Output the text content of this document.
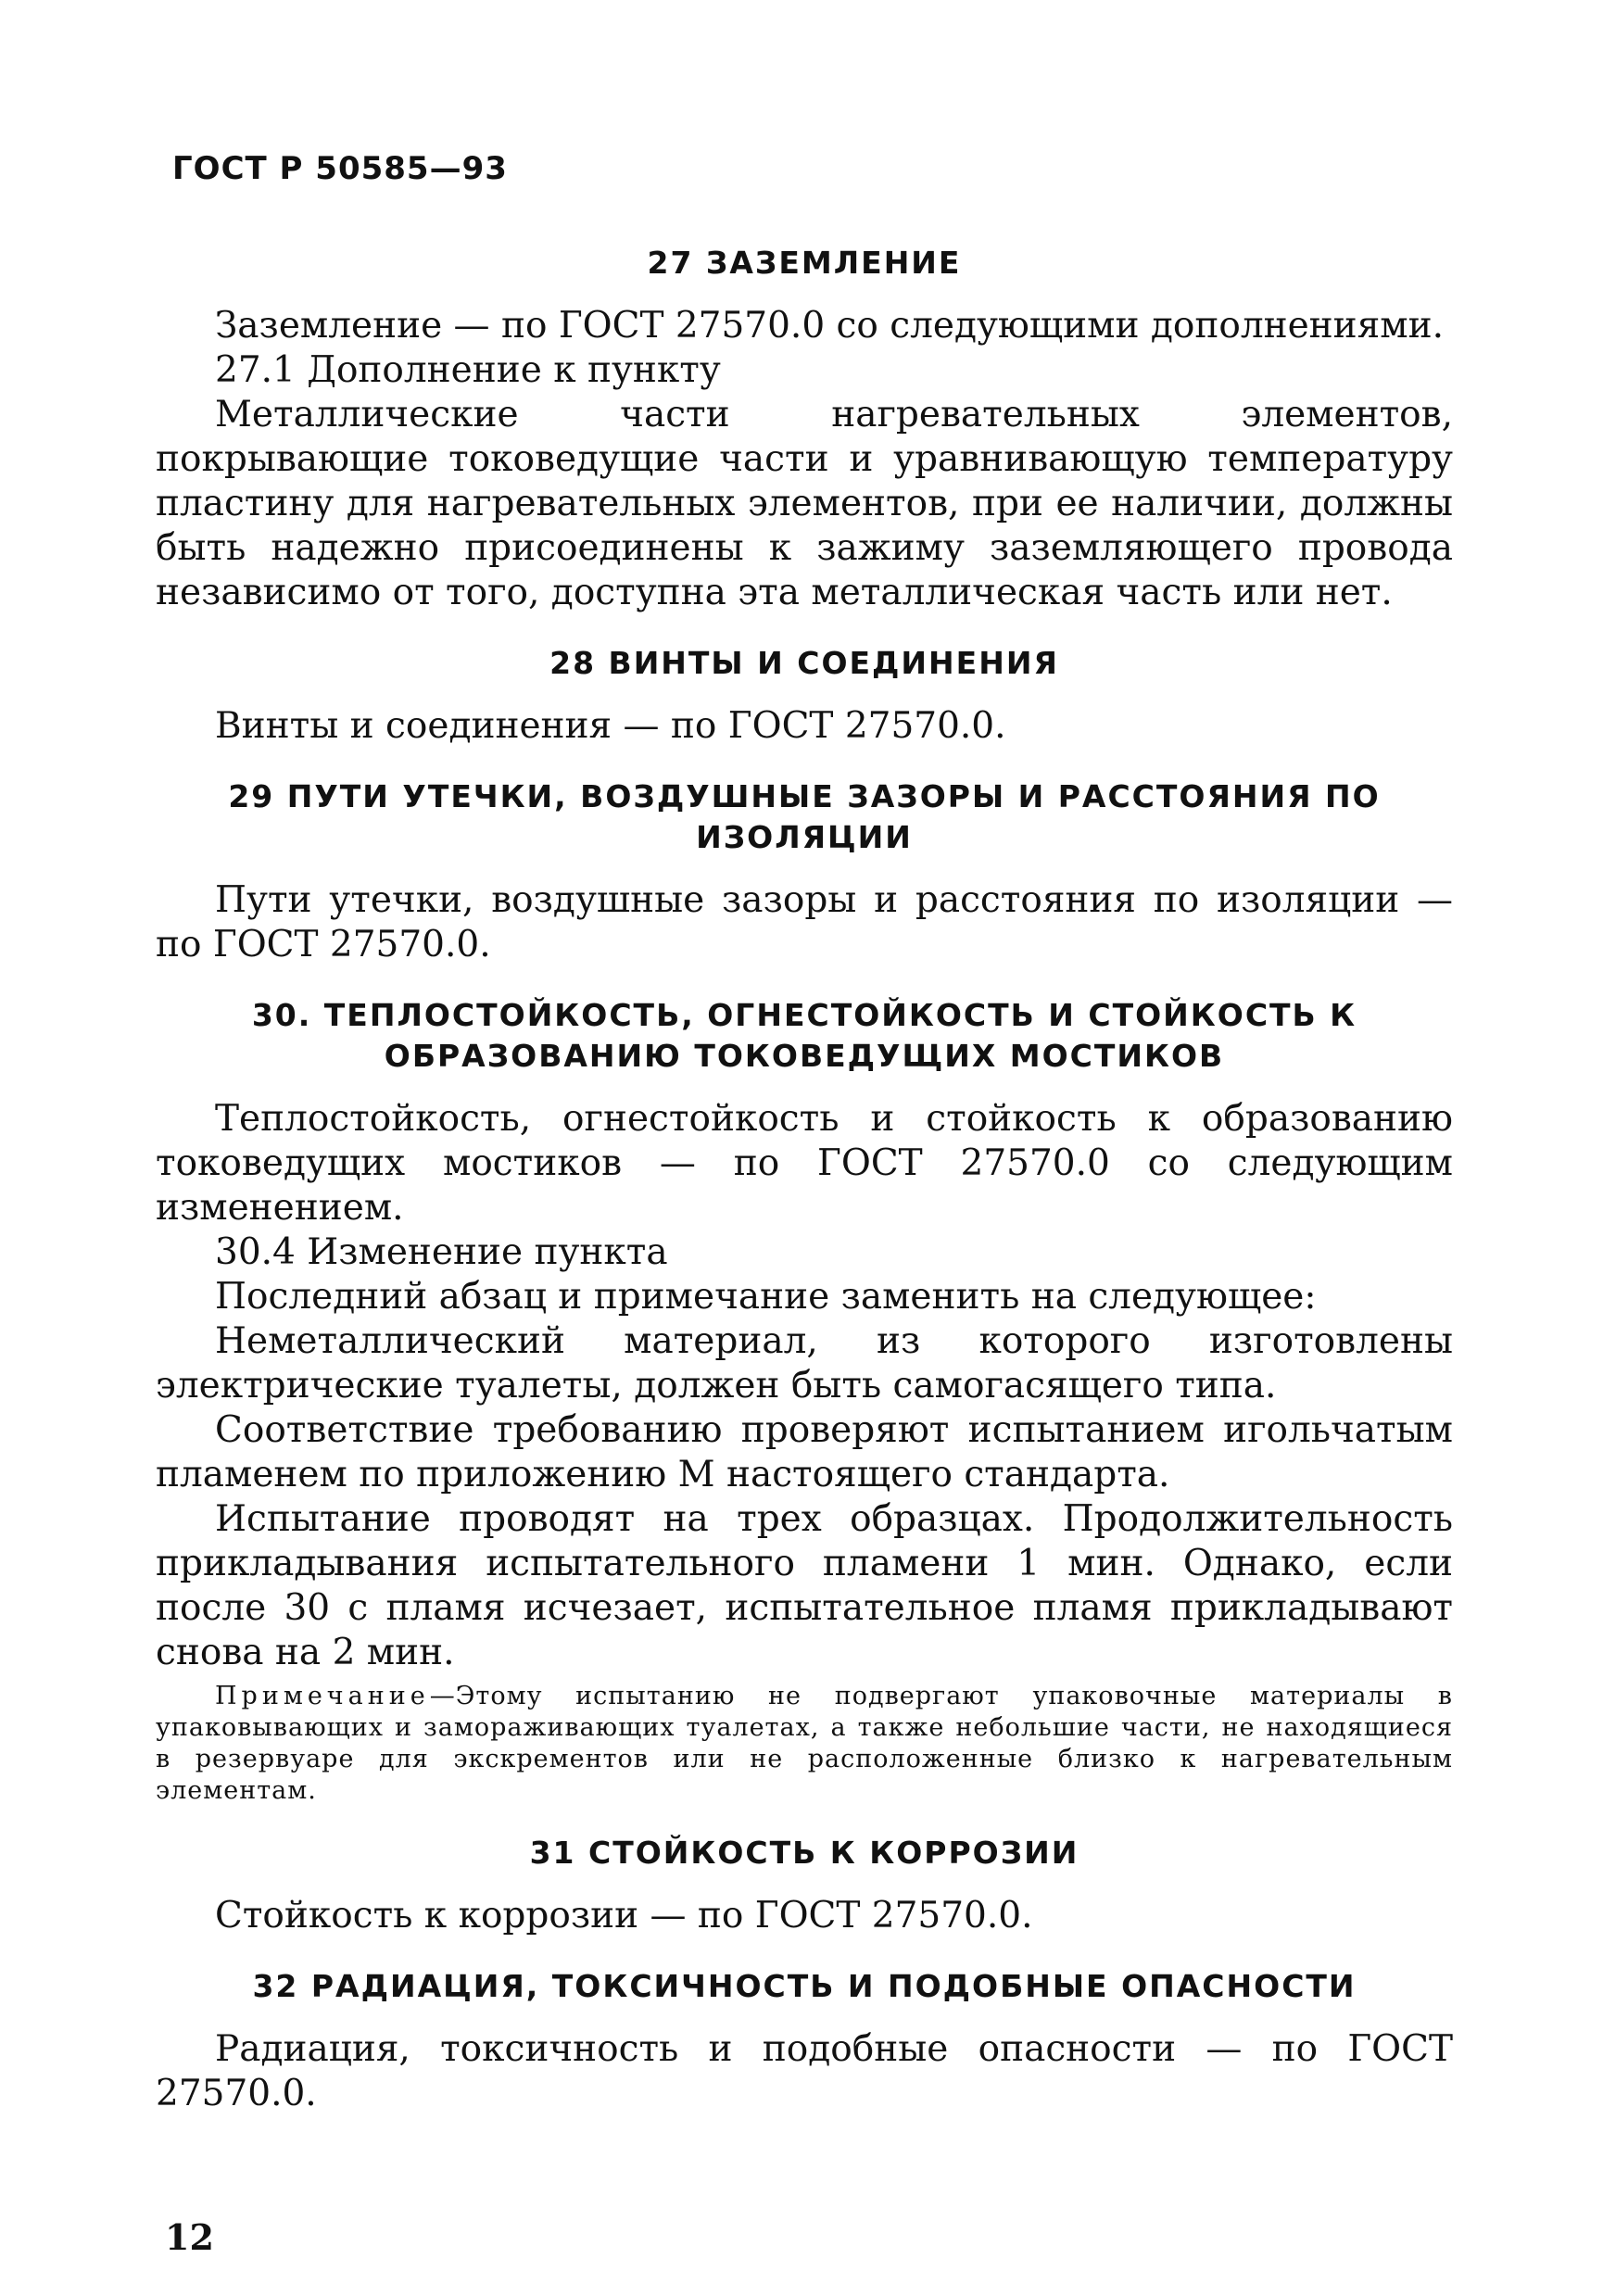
ГОСТ Р 50585—93
27 ЗАЗЕМЛЕНИЕ

Заземление — по ГОСТ 27570.0 со следующими дополнениями.

27.1 Дополнение к пункту

Металлические части нагревательных элементов, покрывающие токоведущие части и уравнивающую температуру пластину для нагревательных элементов, при ее наличии, должны быть надежно присоединены к зажиму заземляющего провода независимо от того, доступна эта металлическая часть или нет.

28 ВИНТЫ И СОЕДИНЕНИЯ

Винты и соединения — по ГОСТ 27570.0.

29 ПУТИ УТЕЧКИ, ВОЗДУШНЫЕ ЗАЗОРЫ И РАССТОЯНИЯ ПО ИЗОЛЯЦИИ

Пути утечки, воздушные зазоры и расстояния по изоляции — по ГОСТ 27570.0.

30. ТЕПЛОСТОЙКОСТЬ, ОГНЕСТОЙКОСТЬ И СТОЙКОСТЬ К ОБРАЗОВАНИЮ ТОКОВЕДУЩИХ МОСТИКОВ

Теплостойкость, огнестойкость и стойкость к образованию токоведущих мостиков — по ГОСТ 27570.0 со следующим изменением.

30.4 Изменение пункта

Последний абзац и примечание заменить на следующее:

Неметаллический материал, из которого изготовлены электрические туалеты, должен быть самогасящего типа.

Соответствие требованию проверяют испытанием игольчатым пламенем по приложению М настоящего стандарта.

Испытание проводят на трех образцах. Продолжительность прикладывания испытательного пламени 1 мин. Однако, если после 30 с пламя исчезает, испытательное пламя прикладывают снова на 2 мин.

Примечание—Этому испытанию не подвергают упаковочные материалы в упаковывающих и замораживающих туалетах, а также небольшие части, не находящиеся в резервуаре для экскрементов или не расположенные близко к нагревательным элементам.

31 СТОЙКОСТЬ К КОРРОЗИИ

Стойкость к коррозии — по ГОСТ 27570.0.

32 РАДИАЦИЯ, ТОКСИЧНОСТЬ И ПОДОБНЫЕ ОПАСНОСТИ

Радиация, токсичность и подобные опасности — по ГОСТ 27570.0.

12
